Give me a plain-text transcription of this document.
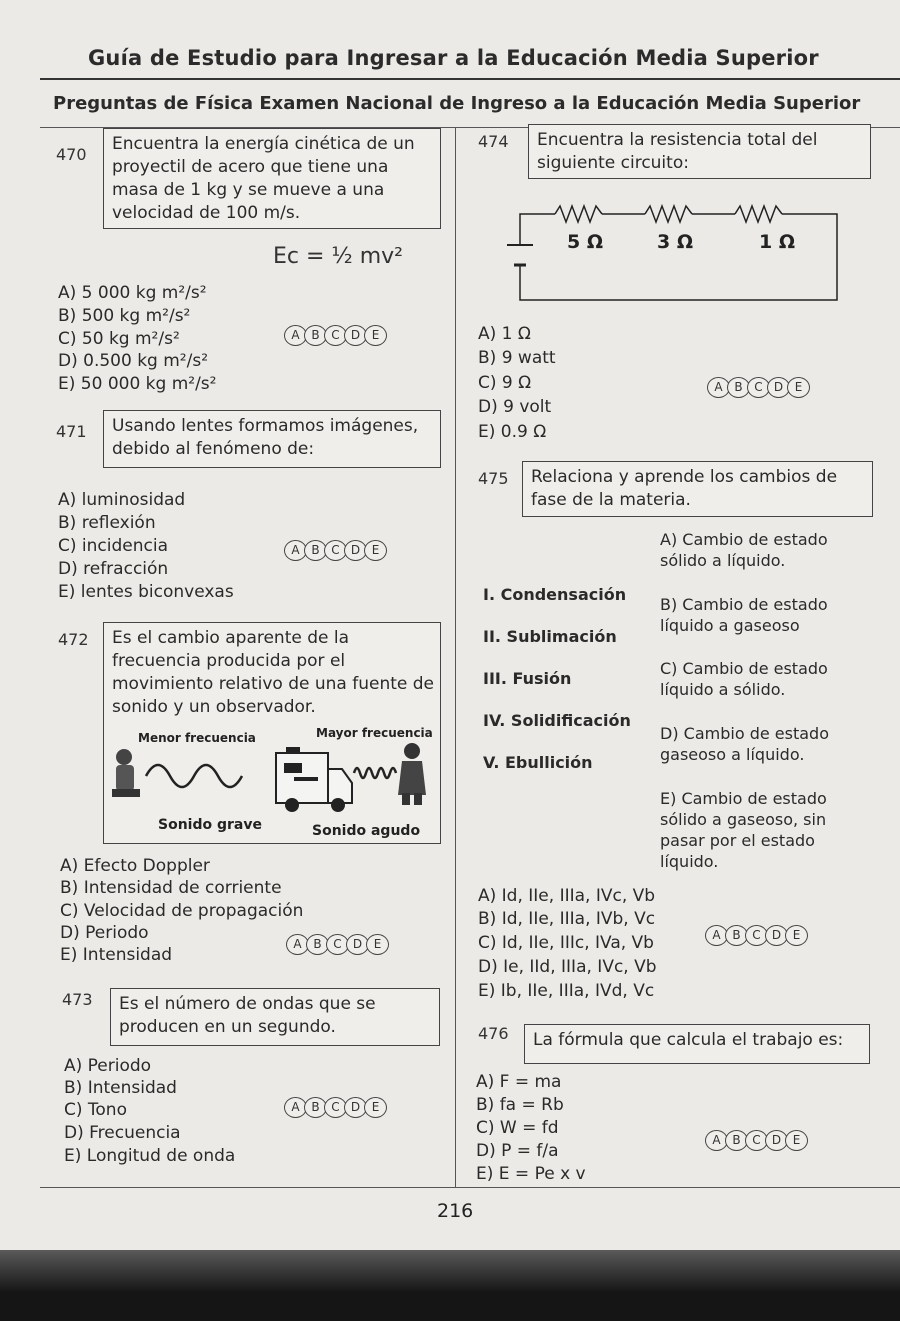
Guía de Estudio para Ingresar a la Educación Media Superior
Preguntas de Física Examen Nacional de Ingreso a la Educación Media Superior
470
Encuentra la energía cinética de un
proyectil de acero que tiene una
masa de 1 kg y se mueve a una
velocidad de 100 m/s.
Ec = ½ mv²
A) 5 000 kg m²/s²
B) 500 kg m²/s²
C) 50 kg m²/s²
D) 0.500 kg m²/s²
E) 50 000 kg m²/s²
A B C D E
471 Usando lentes formamos imágenes,
debido al fenómeno de:
A) luminosidad
B) reflexión
C) incidencia
D) refracción
E) lentes biconvexas
A B C D E
472 Es el cambio aparente de la
frecuencia producida por el
movimiento relativo de una fuente de
sonido y un observador.
Menor frecuencia	Mayor frecuencia
Sonido grave	Sonido agudo
A) Efecto Doppler
B) Intensidad de corriente
C) Velocidad de propagación
D) Periodo
E) Intensidad
A B C D E
473 Es el número de ondas que se
producen en un segundo.
A) Periodo
B) Intensidad
C) Tono
D) Frecuencia
E) Longitud de onda
A B C D E
474 Encuentra la resistencia total del
siguiente circuito:
5 Ω	3 Ω	1 Ω
A) 1 Ω
B) 9 watt
C) 9 Ω
D) 9 volt
E) 0.9 Ω
A B C D E
475 Relaciona y aprende los cambios de
fase de la materia.
I. Condensación
II. Sublimación
III. Fusión
IV. Solidificación
V. Ebullición
A) Cambio de estado
sólido a líquido.
B) Cambio de estado
líquido a gaseoso
C) Cambio de estado
líquido a sólido.
D) Cambio de estado
gaseoso a líquido.
E) Cambio de estado
sólido a gaseoso, sin
pasar por el estado
líquido.
A) Id, IIe, IIIa, IVc, Vb
B) Id, IIe, IIIa, IVb, Vc
C) Id, IIe, IIIc, IVa, Vb
D) Ie, IId, IIIa, IVc, Vb
E) Ib, IIe, IIIa, IVd, Vc
A B C D E
476 La fórmula que calcula el trabajo es:
A) F = ma
B) fa = Rb
C) W = fd
D) P = f/a
E) E = Pe x v
A B C D E
216
